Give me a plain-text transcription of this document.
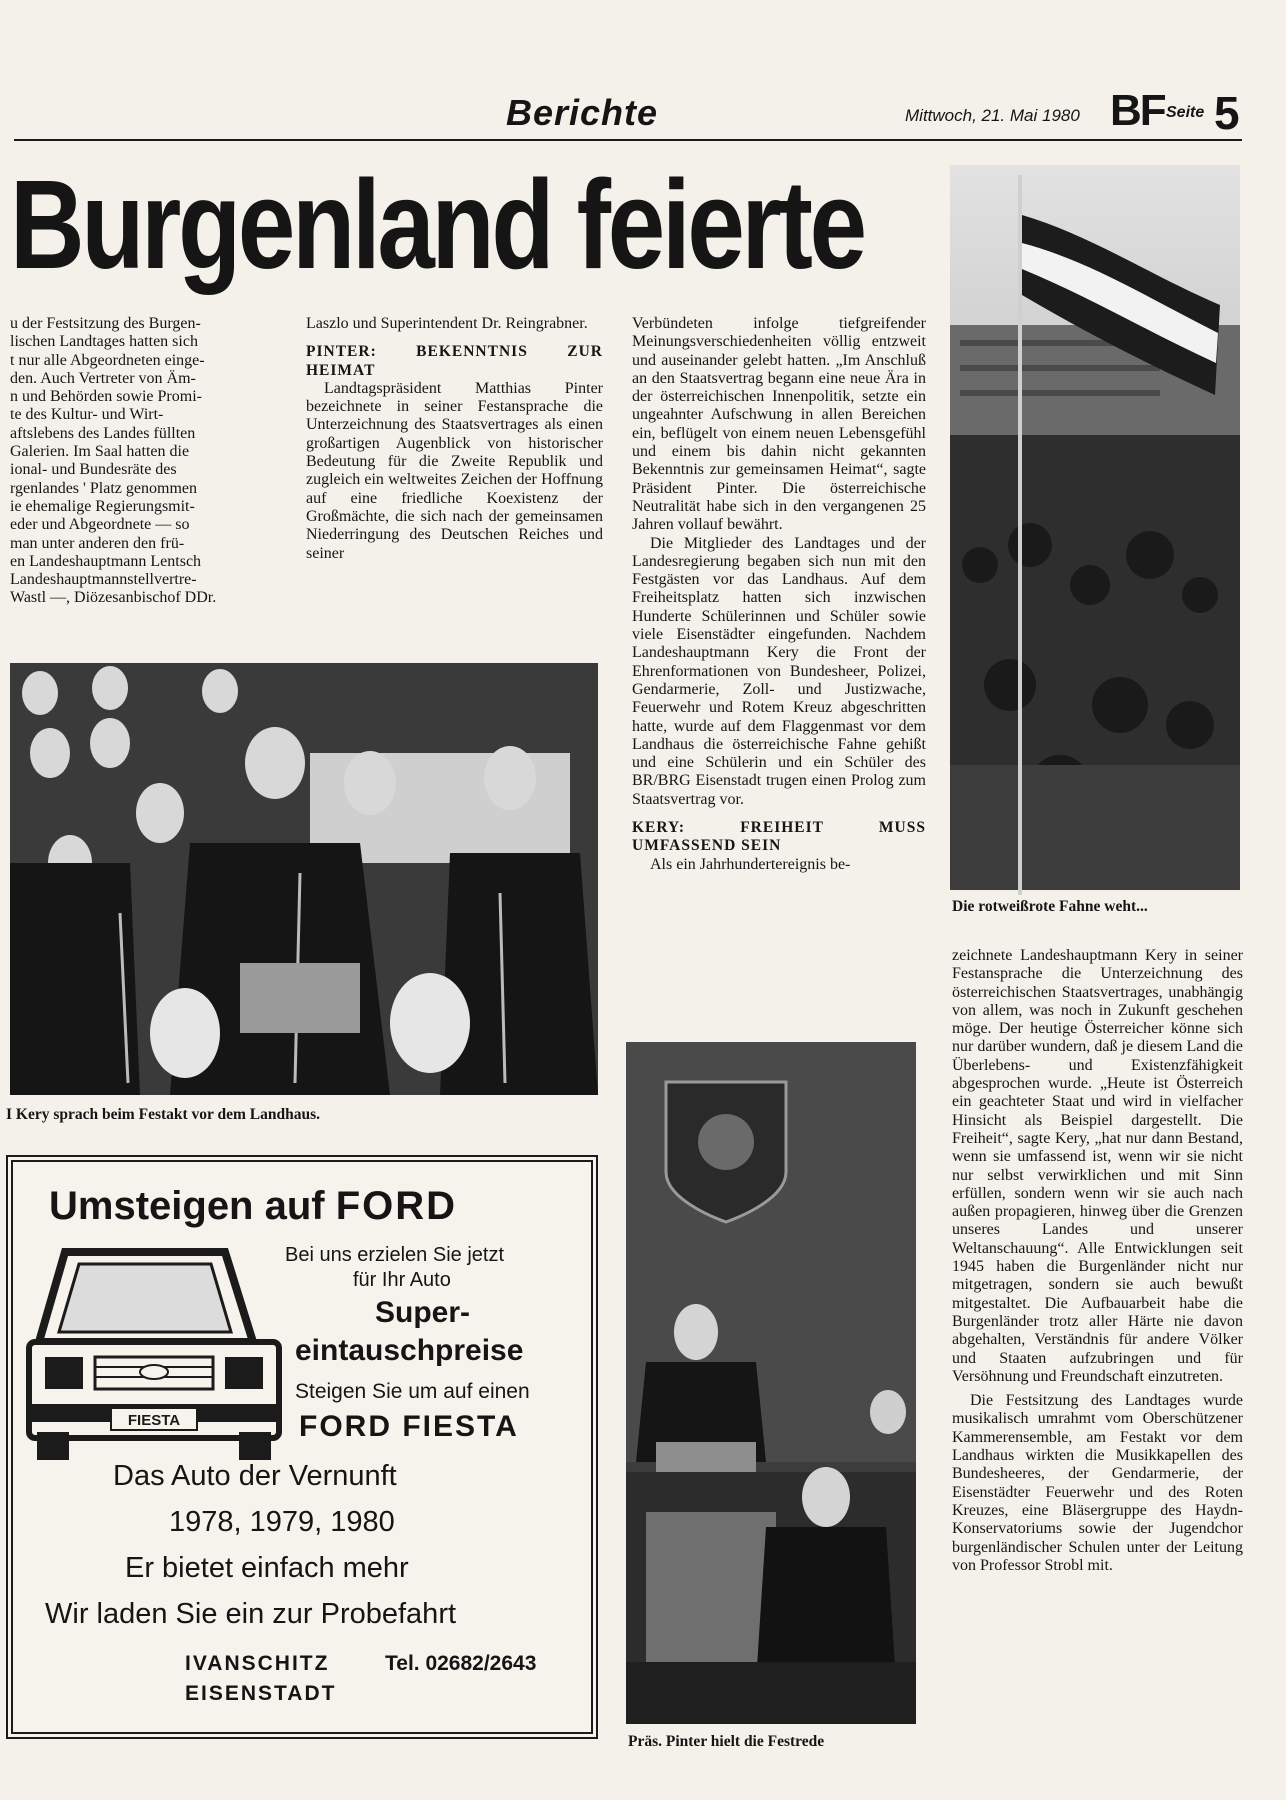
Berichte	Mittwoch, 21. Mai 1980 BF Seite 5
Burgenland feierte
u der Festsitzung des Burgen-
lischen Landtages hatten sich
t nur alle Abgeordneten einge-
den. Auch Vertreter von Äm-
n und Behörden sowie Promi-
te des Kultur- und Wirt-
aftslebens des Landes füllten
Galerien. Im Saal hatten die
ional- und Bundesräte des
rgenlandes ' Platz genommen
ie ehemalige Regierungsmit-
eder und Abgeordnete — so
man unter anderen den frü-
en Landeshauptmann Lentsch
Landeshauptmannstellvertre-
Wastl —, Diözesanbischof DDr.

Laszlo und Superintendent Dr. Reingrabner.

PINTER: BEKENNTNIS ZUR HEIMAT

Landtagspräsident Matthias Pinter bezeichnete in seiner Festansprache die Unterzeichnung des Staatsvertrages als einen großartigen Augenblick von historischer Bedeutung für die Zweite Republik und zugleich ein weltweites Zeichen der Hoffnung auf eine friedliche Koexistenz der Großmächte, die sich nach der gemeinsamen Niederringung des Deutschen Reiches und seiner

Verbündeten infolge tiefgreifender Meinungsverschiedenheiten völlig entzweit und auseinander gelebt hatten. „Im Anschluß an den Staatsvertrag begann eine neue Ära in der österreichischen Innenpolitik, setzte ein ungeahnter Aufschwung in allen Bereichen ein, beflügelt von einem neuen Lebensgefühl und einem bis dahin nicht gekannten Bekenntnis zur gemeinsamen Heimat“, sagte Präsident Pinter. Die österreichische Neutralität habe sich in den vergangenen 25 Jahren vollauf bewährt.

Die Mitglieder des Landtages und der Landesregierung begaben sich nun mit den Festgästen vor das Landhaus. Auf dem Freiheitsplatz hatten sich inzwischen Hunderte Schülerinnen und Schüler sowie viele Eisenstädter eingefunden. Nachdem Landeshauptmann Kery die Front der Ehrenformationen von Bundesheer, Polizei, Gendarmerie, Zoll- und Justizwache, Feuerwehr und Rotem Kreuz abgeschritten hatte, wurde auf dem Flaggenmast vor dem Landhaus die österreichische Fahne gehißt und eine Schülerin und ein Schüler des BR/BRG Eisenstadt trugen einen Prolog zum Staatsvertrag vor.

KERY: FREIHEIT MUSS UMFASSEND SEIN

Als ein Jahrhundertereignis be-

zeichnete Landeshauptmann Kery in seiner Festansprache die Unterzeichnung des österreichischen Staatsvertrages, unabhängig von allem, was noch in Zukunft geschehen möge. Der heutige Österreicher könne sich nur darüber wundern, daß je diesem Land die Überlebens- und Existenzfähigkeit abgesprochen wurde. „Heute ist Österreich ein geachteter Staat und wird in vielfacher Hinsicht als Beispiel dargestellt. Die Freiheit“, sagte Kery, „hat nur dann Bestand, wenn sie umfassend ist, wenn wir sie nicht nur selbst verwirklichen und mit Sinn erfüllen, sondern wenn wir sie auch nach außen propagieren, hinweg über die Grenzen unseres Landes und unserer Weltanschauung“. Alle Entwicklungen seit 1945 haben die Burgenländer nicht nur mitgetragen, sondern sie auch bewußt mitgestaltet. Die Aufbauarbeit habe die Burgenländer trotz aller Härte nie davon abgehalten, Verständnis für andere Völker und Staaten aufzubringen und für Versöhnung und Freundschaft einzutreten.

Die Festsitzung des Landtages wurde musikalisch umrahmt vom Oberschützener Kammerensemble, am Festakt vor dem Landhaus wirkten die Musikkapellen des Bundesheeres, der Gendarmerie, der Eisenstädter Feuerwehr und des Roten Kreuzes, eine Bläsergruppe des Haydn-Konservatoriums sowie der Jugendchor burgenländischer Schulen unter der Leitung von Professor Strobl mit.

Die rotweißrote Fahne weht...
I Kery sprach beim Festakt vor dem Landhaus.
Präs. Pinter hielt die Festrede
Umsteigen auf FORD
FIESTA
Bei uns erzielen Sie jetzt
für Ihr Auto
Super-
eintauschpreise
Steigen Sie um auf einen
FORD FIESTA
Das Auto der Vernunft
1978, 1979, 1980
Er bietet einfach mehr
Wir laden Sie ein zur Probefahrt
IVANSCHITZ
EISENSTADT
Tel. 02682/2643
